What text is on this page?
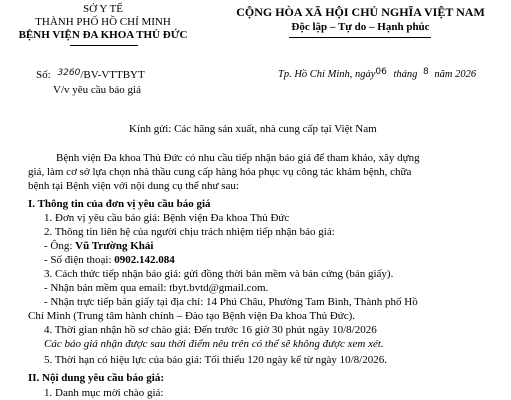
SỞ Y TẾ
THÀNH PHỐ HỒ CHÍ MINH
BỆNH VIỆN ĐA KHOA THỦ ĐỨC
Số: $^{3260}$/BV-VTTBYT
V/v yêu cầu báo giá
CỘNG HÒA XÃ HỘI CHỦ NGHĨA VIỆT NAM
Độc lập – Tự do – Hạnh phúc
Tp. Hồ Chí Minh, ngày06 tháng 8 năm 2026
Kính gửi: Các hãng sản xuất, nhà cung cấp tại Việt Nam
Bệnh viện Đa khoa Thủ Đức có nhu cầu tiếp nhận báo giá để tham khảo, xây dựng
giá, làm cơ sở lựa chọn nhà thầu cung cấp hàng hóa phục vụ công tác khám bệnh, chữa
bệnh tại Bệnh viện với nội dung cụ thể như sau:
I. Thông tin của đơn vị yêu cầu báo giá
1. Đơn vị yêu cầu báo giá: Bệnh viện Đa khoa Thủ Đức
2. Thông tin liên hệ của người chịu trách nhiệm tiếp nhận báo giá:
- Ông: Vũ Trường Khải
- Số điện thoại: 0902.142.084
3. Cách thức tiếp nhận báo giá: gửi đồng thời bản mềm và bản cứng (bản giấy).
- Nhận bản mềm qua email: tbyt.bvtd@gmail.com.
- Nhận trực tiếp bản giấy tại địa chỉ: 14 Phú Châu, Phường Tam Bình, Thành phố Hồ
Chí Minh (Trung tâm hành chính – Đào tạo Bệnh viện Đa khoa Thủ Đức).
4. Thời gian nhận hồ sơ chào giá: Đến trước 16 giờ 30 phút ngày 10/8/2026
Các báo giá nhận được sau thời điểm nêu trên có thể sẽ không được xem xét.
5. Thời hạn có hiệu lực của báo giá: Tối thiểu 120 ngày kể từ ngày 10/8/2026.
II. Nội dung yêu cầu báo giá:
1. Danh mục mời chào giá:
